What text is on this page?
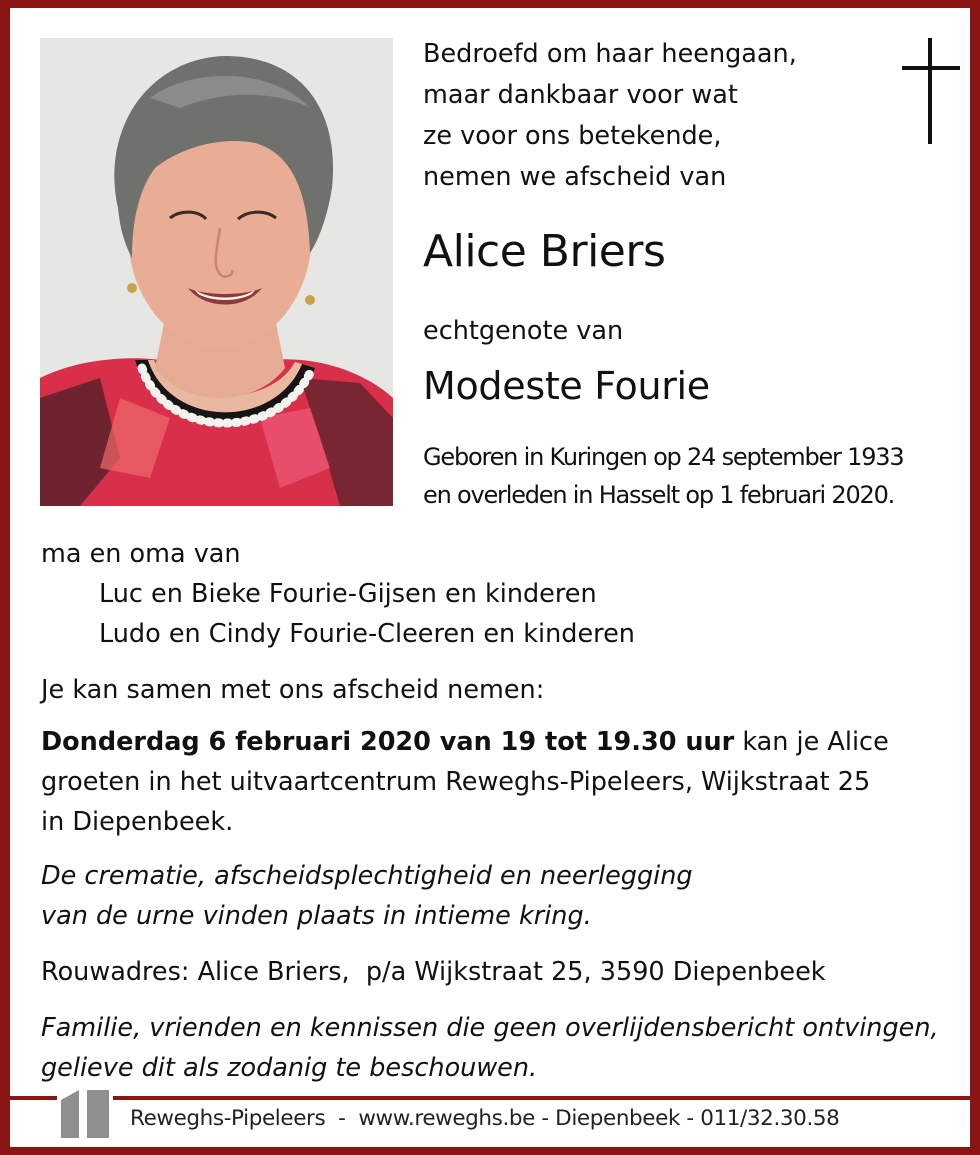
Bedroefd om haar heengaan,
maar dankbaar voor wat
ze voor ons betekende,
nemen we afscheid van
Alice Briers
echtgenote van
Modeste Fourie
Geboren in Kuringen op 24 september 1933
en overleden in Hasselt op 1 februari 2020.
ma en oma van
Luc en Bieke Fourie-Gijsen en kinderen
Ludo en Cindy Fourie-Cleeren en kinderen
Je kan samen met ons afscheid nemen:
Donderdag 6 februari 2020 van 19 tot 19.30 uur kan je Alice
groeten in het uitvaartcentrum Reweghs-Pipeleers, Wijkstraat 25
in Diepenbeek.
De crematie, afscheidsplechtigheid en neerlegging
van de urne vinden plaats in intieme kring.
Rouwadres: Alice Briers,  p/a Wijkstraat 25, 3590 Diepenbeek
Familie, vrienden en kennissen die geen overlijdensbericht ontvingen,
gelieve dit als zodanig te beschouwen.
Reweghs-Pipeleers  -  www.reweghs.be - Diepenbeek - 011/32.30.58
